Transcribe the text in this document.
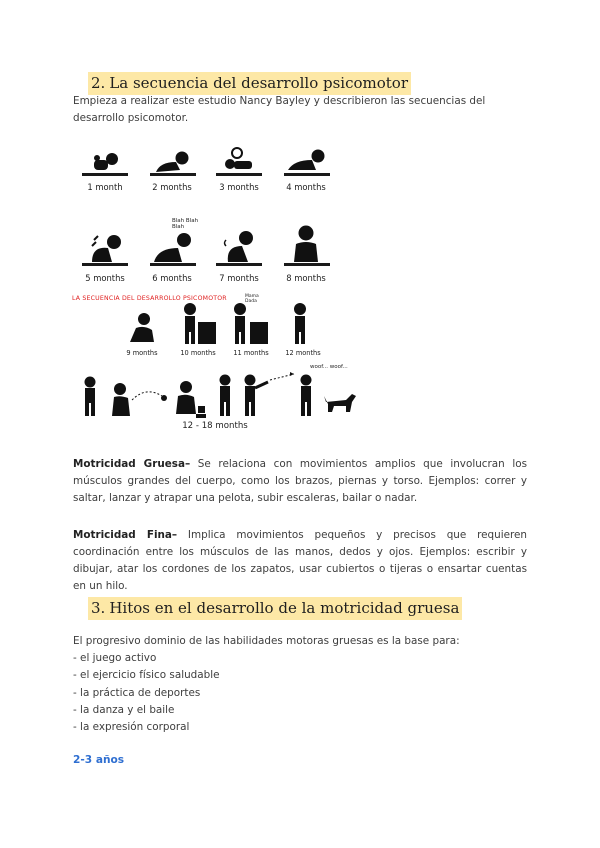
2. La secuencia del desarrollo psicomotor
Empieza a realizar este estudio Nancy Bayley y describieron las secuencias del desarrollo psicomotor.
1 month	2 months	3 months	4 months
Blah Blah Blah
5 months	6 months	7 months	8 months
LA SECUENCIA DEL DESARROLLO PSICOMOTOR	Mama Dada
9 months	10 months	11 months	12 months
woof... woof...
12 - 18 months
Motricidad Gruesa– Se relaciona con movimientos amplios que involucran los músculos grandes del cuerpo, como los brazos, piernas y torso. Ejemplos: correr y saltar, lanzar y atrapar una pelota, subir escaleras, bailar o nadar.
Motricidad Fina– Implica movimientos pequeños y precisos que requieren coordinación entre los músculos de las manos, dedos y ojos. Ejemplos: escribir y dibujar, atar los cordones de los zapatos, usar cubiertos o tijeras o ensartar cuentas en un hilo.
3. Hitos en el desarrollo de la motricidad gruesa
El progresivo dominio de las habilidades motoras gruesas es la base para:
- el juego activo
- el ejercicio físico saludable
- la práctica de deportes
- la danza y el baile
- la expresión corporal
2-3 años
